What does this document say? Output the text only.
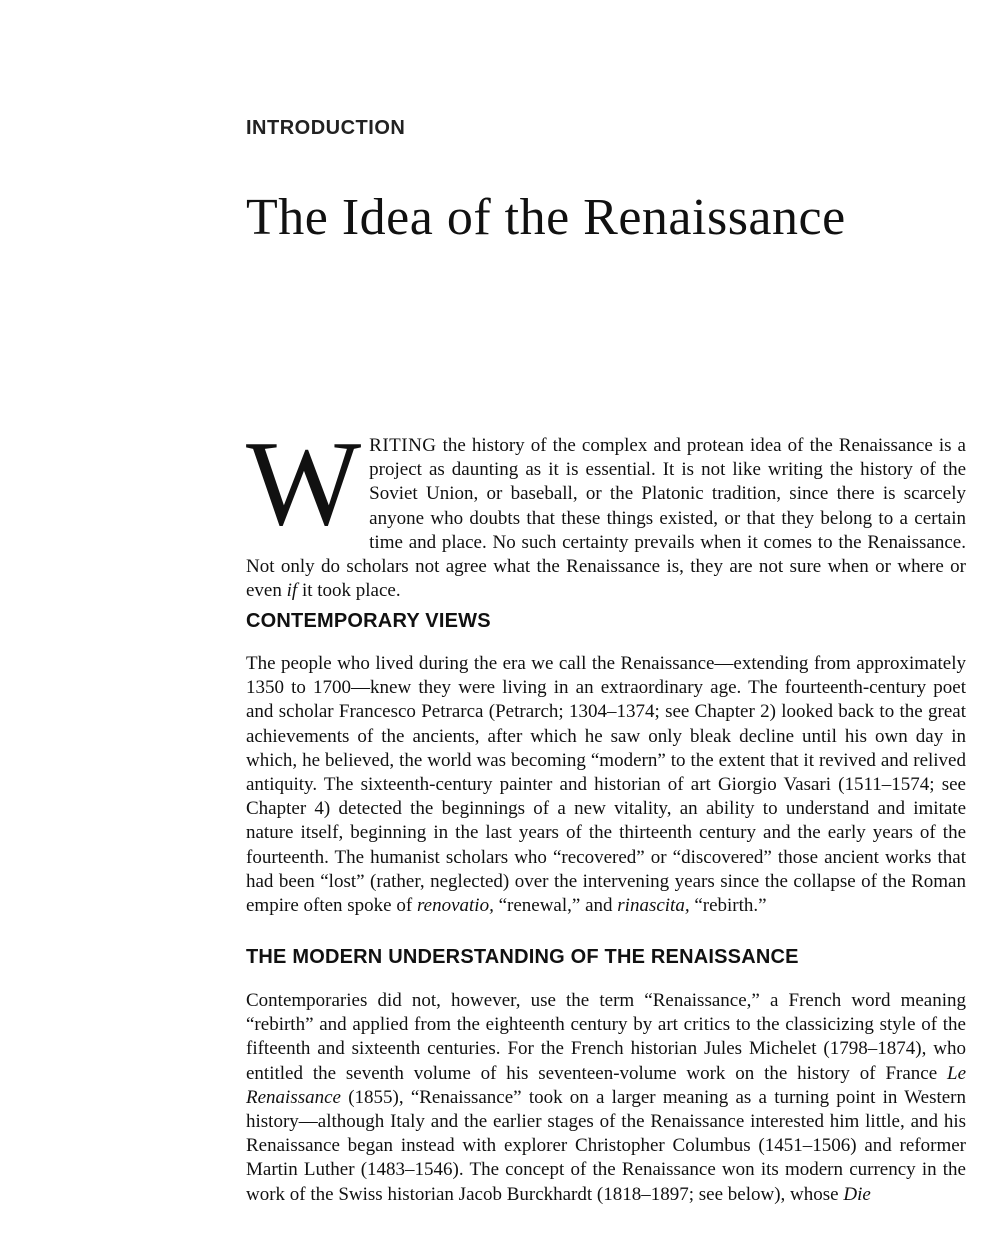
INTRODUCTION
The Idea of the Renaissance

WRITING the history of the complex and protean idea of the Renaissance is a project as daunting as it is essential. It is not like writing the history of the Soviet Union, or baseball, or the Platonic tradition, since there is scarcely anyone who doubts that these things existed, or that they belong to a certain time and place. No such certainty prevails when it comes to the Renaissance. Not only do scholars not agree what the Renaissance is, they are not sure when or where or even if it took place.

CONTEMPORARY VIEWS

The people who lived during the era we call the Renaissance—extending from approximately 1350 to 1700—knew they were living in an extraordinary age. The fourteenth-century poet and scholar Francesco Petrarca (Petrarch; 1304–1374; see Chapter 2) looked back to the great achievements of the ancients, after which he saw only bleak decline until his own day in which, he believed, the world was becoming “modern” to the extent that it revived and relived antiquity. The sixteenth-century painter and historian of art Giorgio Vasari (1511–1574; see Chapter 4) detected the beginnings of a new vitality, an ability to understand and imitate nature itself, beginning in the last years of the thirteenth century and the early years of the fourteenth. The humanist scholars who “recovered” or “discovered” those ancient works that had been “lost” (rather, neglected) over the intervening years since the collapse of the Roman empire often spoke of renovatio, “renewal,” and rinascita, “rebirth.”

THE MODERN UNDERSTANDING OF THE RENAISSANCE

Contemporaries did not, however, use the term “Renaissance,” a French word meaning “rebirth” and applied from the eighteenth century by art critics to the classicizing style of the fifteenth and sixteenth centuries. For the French historian Jules Michelet (1798–1874), who entitled the seventh volume of his seventeen-volume work on the history of France Le Renaissance (1855), “Renaissance” took on a larger meaning as a turning point in Western history—although Italy and the earlier stages of the Renaissance interested him little, and his Renaissance began instead with explorer Christopher Columbus (1451–1506) and reformer Martin Luther (1483–1546). The concept of the Renaissance won its modern currency in the work of the Swiss historian Jacob Burckhardt (1818–1897; see below), whose Die
